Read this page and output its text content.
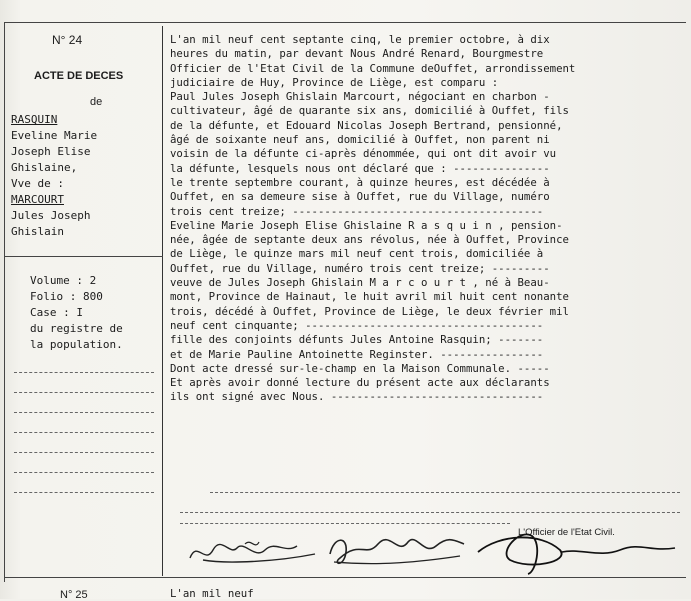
N° 24
ACTE DE DECES
de
RASQUIN
Eveline Marie
Joseph Elise
Ghislaine,
Vve de :
MARCOURT
Jules Joseph
Ghislain
Volume : 2
Folio : 800
Case : I
du registre de
la population.
L'an mil neuf cent septante cinq, le premier octobre, à dix
heures du matin, par devant Nous André Renard, Bourgmestre
Officier de l'Etat Civil de la Commune deOuffet, arrondissement
judiciaire de Huy, Province de Liège, est comparu :
Paul Jules Joseph Ghislain Marcourt, négociant en charbon -
cultivateur, âgé de quarante six ans, domicilié à Ouffet, fils
de la défunte, et Edouard Nicolas Joseph Bertrand, pensionné,
âgé de soixante neuf ans, domicilié à Ouffet, non parent ni
voisin de la défunte ci-après dénommée, qui ont dit avoir vu
la défunte, lesquels nous ont déclaré que : ---------------
le trente septembre courant, à quinze heures, est décédée à
Ouffet, en sa demeure sise à Ouffet, rue du Village, numéro
trois cent treize; ---------------------------------------
Eveline Marie Joseph Elise Ghislaine R a s q u i n , pension-
née, âgée de septante deux ans révolus, née à Ouffet, Province
de Liège, le quinze mars mil neuf cent trois, domiciliée à
Ouffet, rue du Village, numéro trois cent treize; ---------
veuve de Jules Joseph Ghislain M a r c o u r t , né à Beau-
mont, Province de Hainaut, le huit avril mil huit cent nonante
trois, décédé à Ouffet, Province de Liège, le deux février mil
neuf cent cinquante; -------------------------------------
fille des conjoints défunts Jules Antoine Rasquin; -------
et de Marie Pauline Antoinette Reginster. ----------------
Dont acte dressé sur-le-champ en la Maison Communale. -----
Et après avoir donné lecture du présent acte aux déclarants
ils ont signé avec Nous. ---------------------------------
L'Officier de l'Etat Civil.
N° 25	L'an mil neuf
